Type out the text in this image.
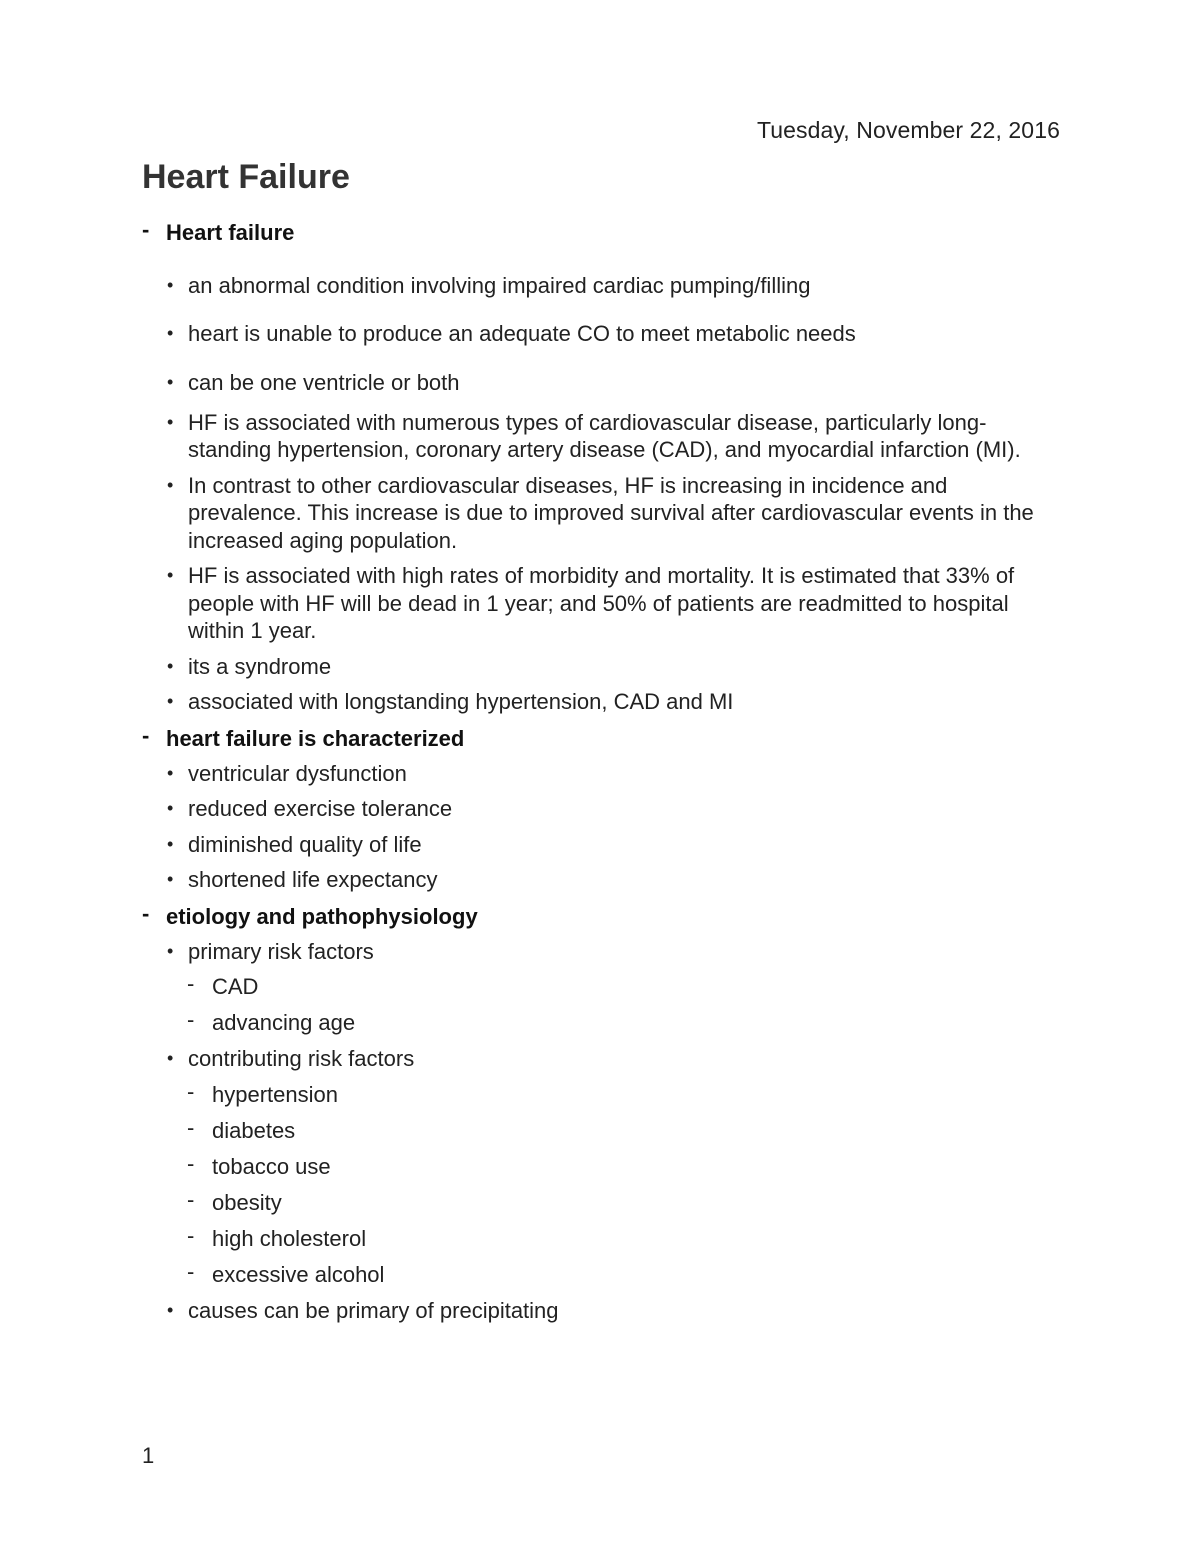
Tuesday, November 22, 2016
Heart Failure
- Heart failure
• an abnormal condition involving impaired cardiac pumping/filling
• heart is unable to produce an adequate CO to meet metabolic needs
• can be one ventricle or both
• HF is associated with numerous types of cardiovascular disease, particularly long-standing hypertension, coronary artery disease (CAD), and myocardial infarction (MI).
• In contrast to other cardiovascular diseases, HF is increasing in incidence and prevalence. This increase is due to improved survival after cardiovascular events in the increased aging population.
• HF is associated with high rates of morbidity and mortality. It is estimated that 33% of people with HF will be dead in 1 year; and 50% of patients are readmitted to hospital within 1 year.
• its a syndrome
• associated with longstanding hypertension, CAD and MI
- heart failure is characterized
• ventricular dysfunction
• reduced exercise tolerance
• diminished quality of life
• shortened life expectancy
- etiology and pathophysiology
• primary risk factors
- CAD
- advancing age
• contributing risk factors
- hypertension
- diabetes
- tobacco use
- obesity
- high cholesterol
- excessive alcohol
• causes can be primary of precipitating
1
